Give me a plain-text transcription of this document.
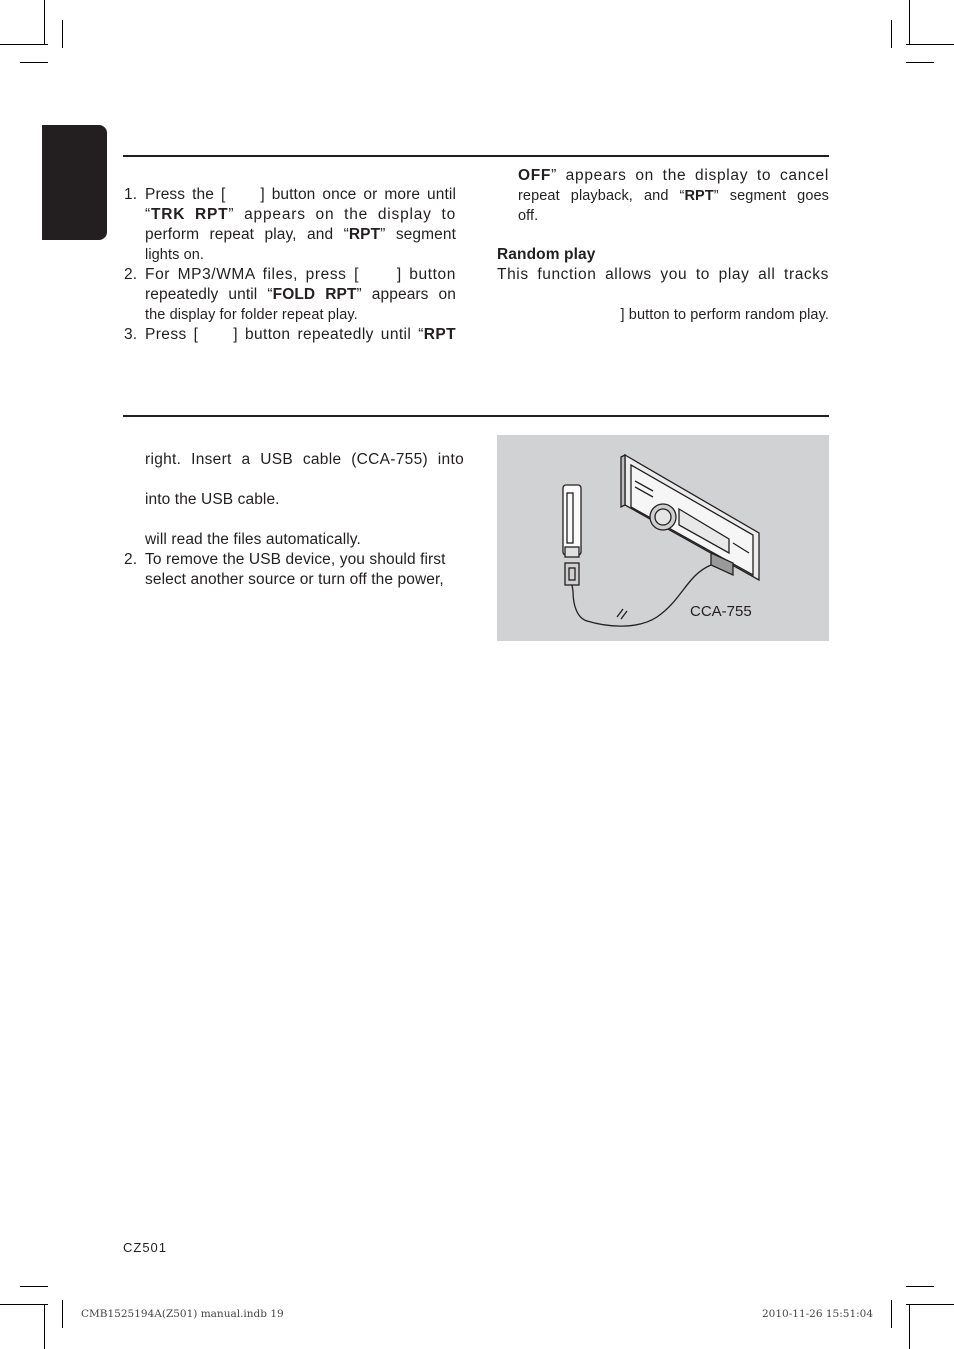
1. Press the [ ] button once or more until
“TRK RPT” appears on the display to
perform repeat play, and “RPT” segment
lights on.
2. For MP3/WMA files, press [ ] button
repeatedly until “FOLD RPT” appears on
the display for folder repeat play.
3. Press [ ] button repeatedly until “RPT
OFF” appears on the display to cancel
repeat playback, and “RPT” segment goes
off.
Random play
This function allows you to play all tracks
] button to perform random play.
right. Insert a USB cable (CCA-755) into
into the USB cable.
will read the files automatically.
2. To remove the USB device, you should first
select another source or turn off the power,
CCA-755
CZ501
CMB1525194A(Z501) manual.indb 19	2010-11-26 15:51:04
